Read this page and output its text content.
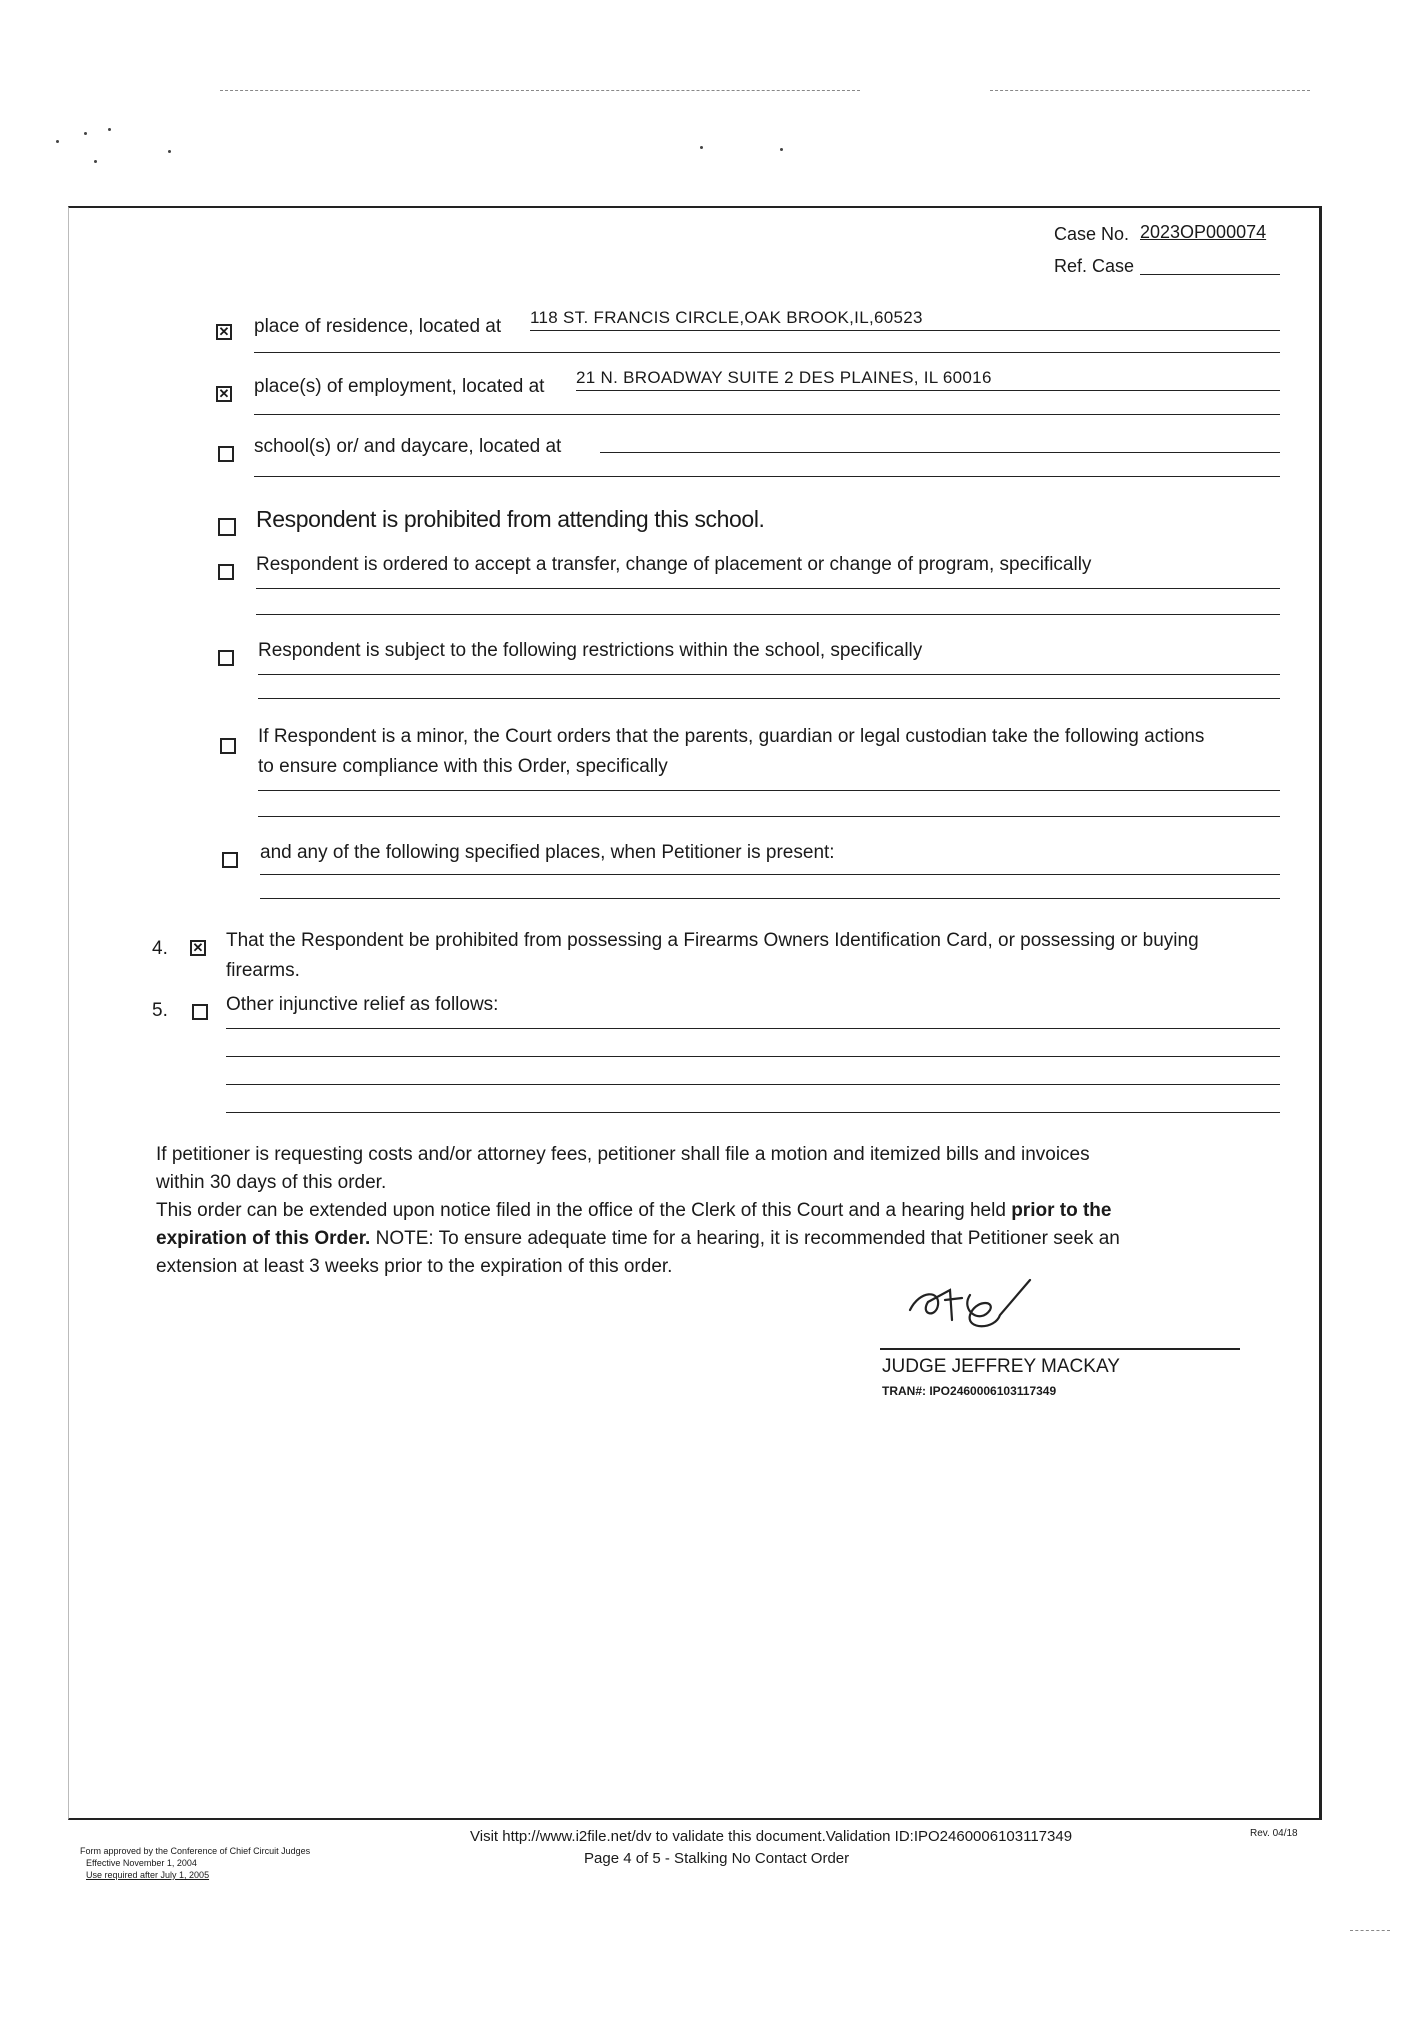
Case No. 2023OP000074
Ref. Case
✕
place of residence, located at 118 ST. FRANCIS CIRCLE,OAK BROOK,IL,60523
✕
place(s) of employment, located at 21 N. BROADWAY SUITE 2 DES PLAINES, IL 60016
school(s) or/ and daycare, located at
Respondent is prohibited from attending this school.
Respondent is ordered to accept a transfer, change of placement or change of program, specifically
Respondent is subject to the following restrictions within the school, specifically
If Respondent is a minor, the Court orders that the parents, guardian or legal custodian take the following actions
to ensure compliance with this Order, specifically
and any of the following specified places, when Petitioner is present:
4.
✕	That the Respondent be prohibited from possessing a Firearms Owners Identification Card, or possessing or buying
firearms.
5.	Other injunctive relief as follows:
If petitioner is requesting costs and/or attorney fees, petitioner shall file a motion and itemized bills and invoices
within 30 days of this order.
This order can be extended upon notice filed in the office of the Clerk of this Court and a hearing held prior to the
expiration of this Order. NOTE: To ensure adequate time for a hearing, it is recommended that Petitioner seek an
extension at least 3 weeks prior to the expiration of this order.
JUDGE JEFFREY MACKAY
TRAN#: IPO2460006103117349
Form approved by the Conference of Chief Circuit Judges
Effective November 1, 2004
Use required after July 1, 2005
Visit http://www.i2file.net/dv to validate this document.Validation ID:IPO2460006103117349
Page 4 of 5 - Stalking No Contact Order
Rev. 04/18
